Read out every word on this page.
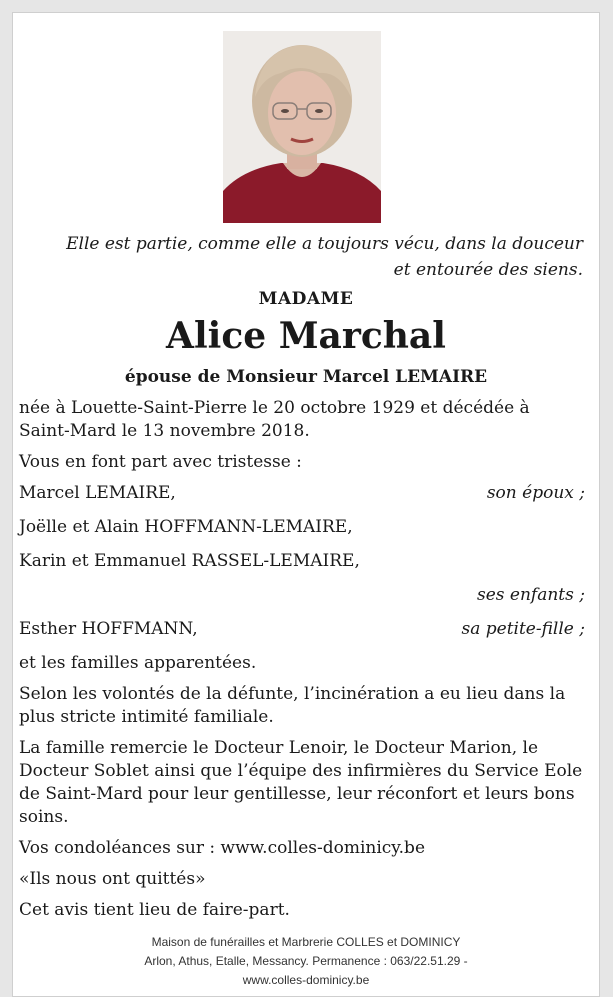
Elle est partie, comme elle a toujours vécu, dans la douceur
et entourée des siens.
MADAME
Alice Marchal
épouse de Monsieur Marcel LEMAIRE

née à Louette-Saint-Pierre le 20 octobre 1929 et décédée à Saint-Mard le 13 novembre 2018.

Vous en font part avec tristesse :

Marcel LEMAIRE,	son époux ;
Joëlle et Alain HOFFMANN-LEMAIRE,
Karin et Emmanuel RASSEL-LEMAIRE,
ses enfants ;
Esther HOFFMANN,	sa petite-fille ;

et les familles apparentées.

Selon les volontés de la défunte, l’incinération a eu lieu dans la plus stricte intimité familiale.

La famille remercie le Docteur Lenoir, le Docteur Marion, le Docteur Soblet ainsi que l’équipe des infirmières du Service Eole de Saint-Mard pour leur gentillesse, leur réconfort et leurs bons soins.

Vos condoléances sur : www.colles-dominicy.be

«Ils nous ont quittés»

Cet avis tient lieu de faire-part.

Maison de funérailles et Marbrerie COLLES et DOMINICY
Arlon, Athus, Etalle, Messancy. Permanence : 063/22.51.29 -
www.colles-dominicy.be
